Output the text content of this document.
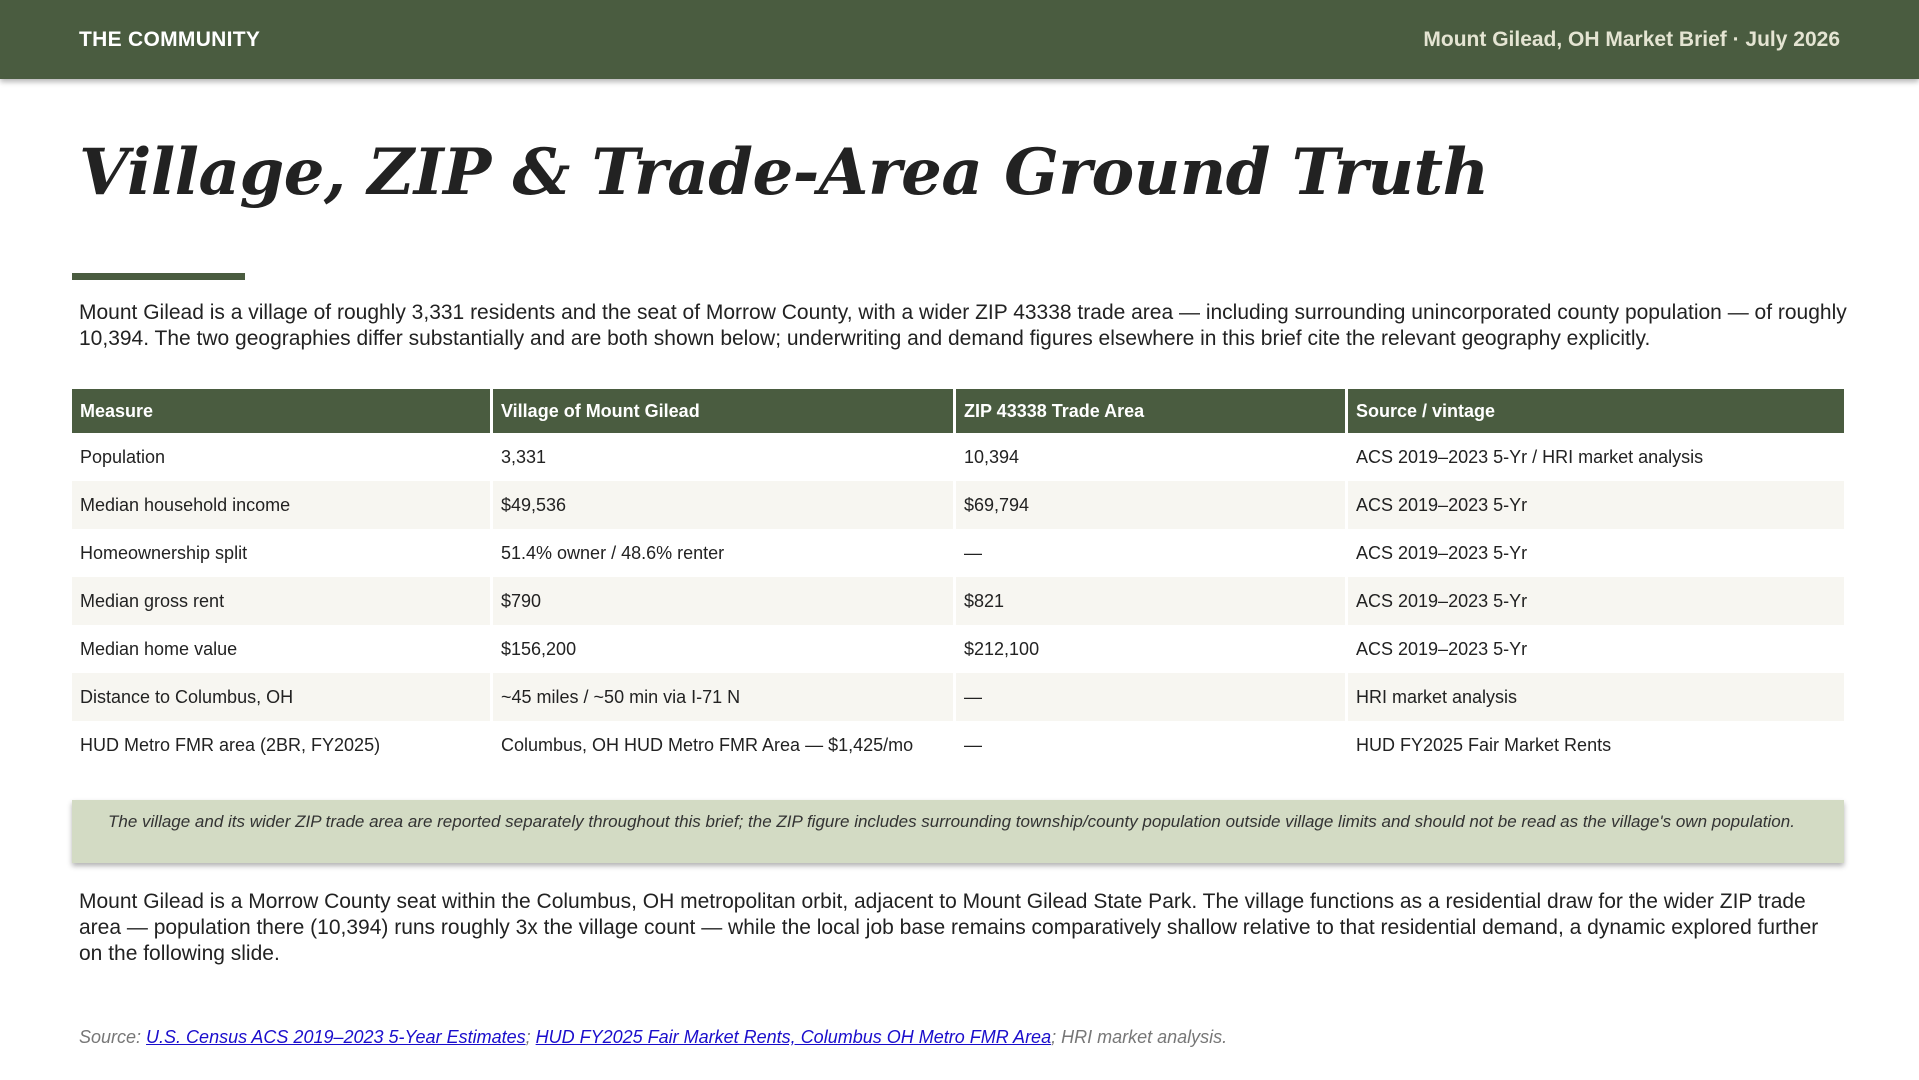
THE COMMUNITY	Mount Gilead, OH Market Brief · July 2026
Village, ZIP & Trade-Area Ground Truth

Mount Gilead is a village of roughly 3,331 residents and the seat of Morrow County, with a wider ZIP 43338 trade area — including surrounding unincorporated county population — of roughly 10,394. The two geographies differ substantially and are both shown below; underwriting and demand figures elsewhere in this brief cite the relevant geography explicitly.

Measure	Village of Mount Gilead	ZIP 43338 Trade Area	Source / vintage
Population	3,331	10,394	ACS 2019–2023 5-Yr / HRI market analysis
Median household income	$49,536	$69,794	ACS 2019–2023 5-Yr
Homeownership split	51.4% owner / 48.6% renter	—	ACS 2019–2023 5-Yr
Median gross rent	$790	$821	ACS 2019–2023 5-Yr
Median home value	$156,200	$212,100	ACS 2019–2023 5-Yr
Distance to Columbus, OH	~45 miles / ~50 min via I-71 N	—	HRI market analysis
HUD Metro FMR area (2BR, FY2025)	Columbus, OH HUD Metro FMR Area — $1,425/mo	—	HUD FY2025 Fair Market Rents
The village and its wider ZIP trade area are reported separately throughout this brief; the ZIP figure includes surrounding township/county population outside village limits and should not be read as the village's own population.

Mount Gilead is a Morrow County seat within the Columbus, OH metropolitan orbit, adjacent to Mount Gilead State Park. The village functions as a residential draw for the wider ZIP trade area — population there (10,394) runs roughly 3x the village count — while the local job base remains comparatively shallow relative to that residential demand, a dynamic explored further on the following slide.

Source: U.S. Census ACS 2019–2023 5-Year Estimates; HUD FY2025 Fair Market Rents, Columbus OH Metro FMR Area; HRI market analysis.
